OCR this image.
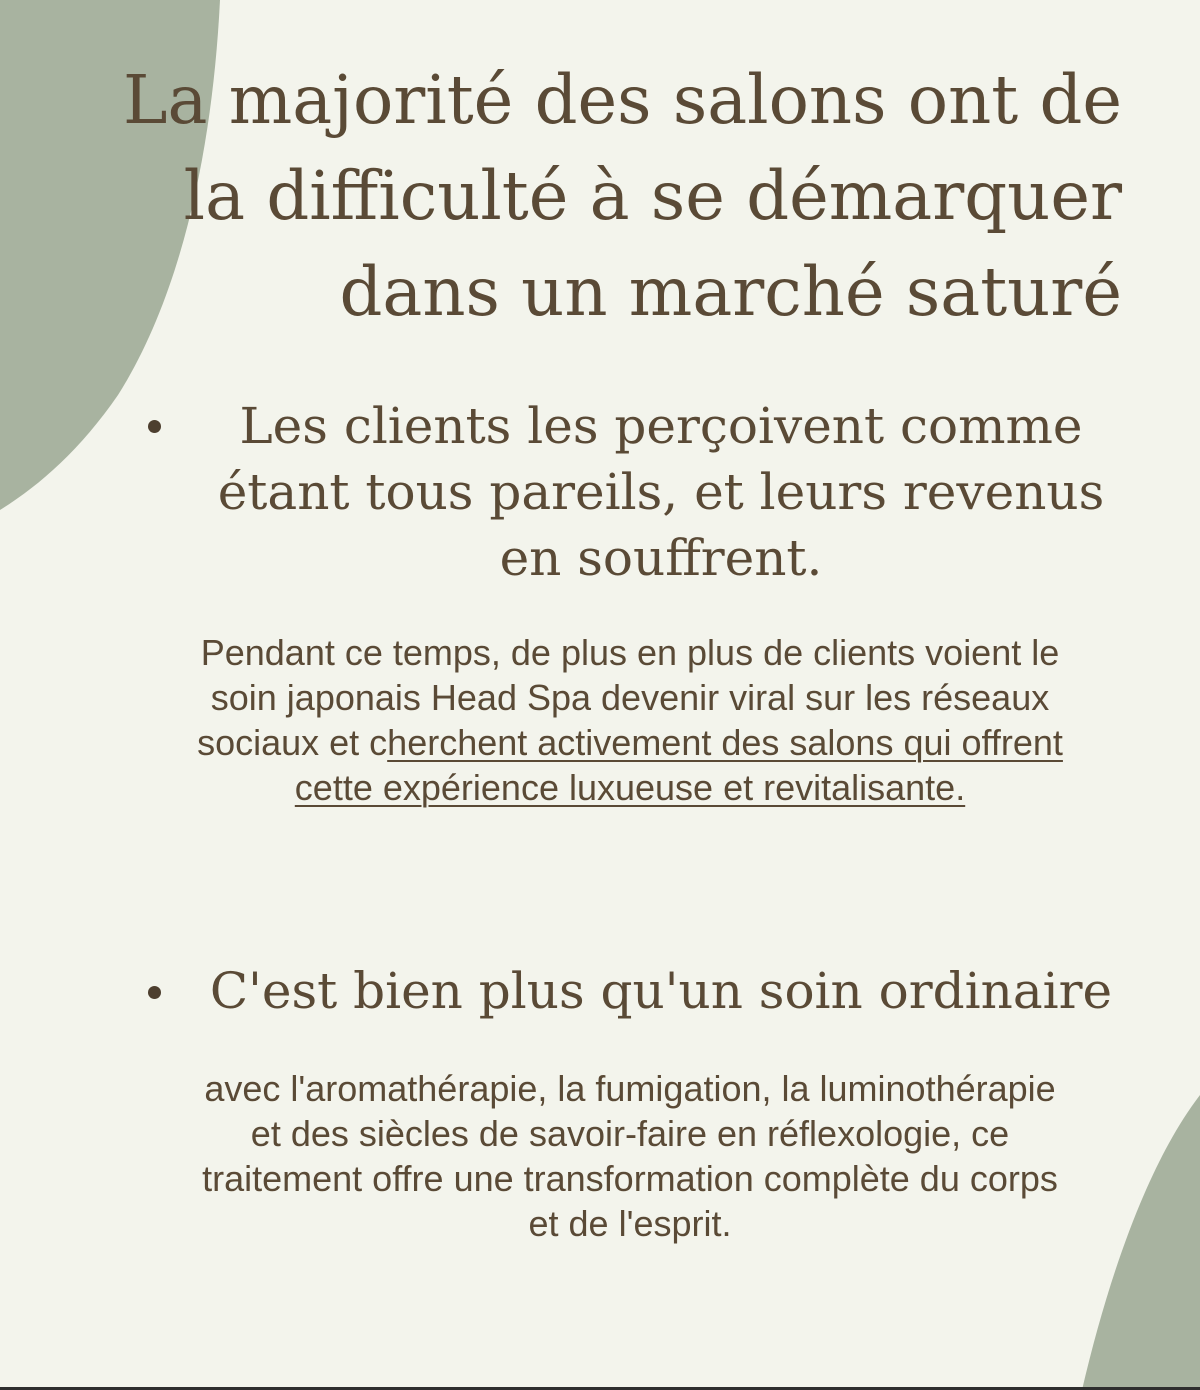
La majorité des salons ont de la difficulté à se démarquer dans un marché saturé

Les clients les perçoivent comme étant tous pareils, et leurs revenus en souffrent.

Pendant ce temps, de plus en plus de clients voient le soin japonais Head Spa devenir viral sur les réseaux sociaux et cherchent activement des salons qui offrent cette expérience luxueuse et revitalisante.

C'est bien plus qu'un soin ordinaire

avec l'aromathérapie, la fumigation, la luminothérapie et des siècles de savoir-faire en réflexologie, ce traitement offre une transformation complète du corps et de l'esprit.
